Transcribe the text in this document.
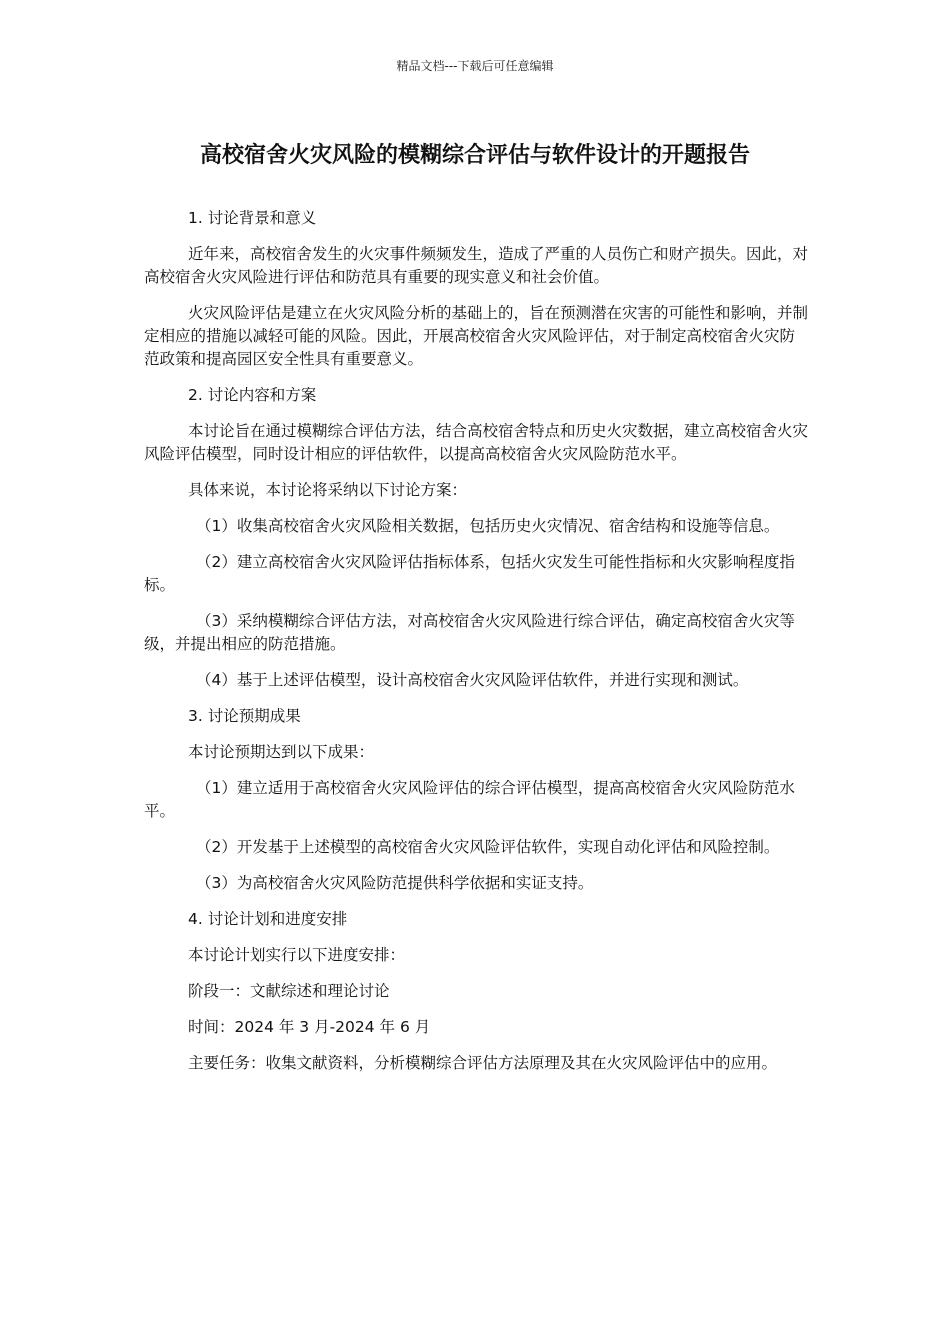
精品文档---下载后可任意编辑
高校宿舍火灾风险的模糊综合评估与软件设计的开题报告

1. 讨论背景和意义

近年来，高校宿舍发生的火灾事件频频发生，造成了严重的人员伤亡和财产损失。因此，对高校宿舍火灾风险进行评估和防范具有重要的现实意义和社会价值。

火灾风险评估是建立在火灾风险分析的基础上的，旨在预测潜在灾害的可能性和影响，并制定相应的措施以减轻可能的风险。因此，开展高校宿舍火灾风险评估，对于制定高校宿舍火灾防范政策和提高园区安全性具有重要意义。

2. 讨论内容和方案

本讨论旨在通过模糊综合评估方法，结合高校宿舍特点和历史火灾数据，建立高校宿舍火灾风险评估模型，同时设计相应的评估软件，以提高高校宿舍火灾风险防范水平。

具体来说，本讨论将采纳以下讨论方案：

（1）收集高校宿舍火灾风险相关数据，包括历史火灾情况、宿舍结构和设施等信息。

（2）建立高校宿舍火灾风险评估指标体系，包括火灾发生可能性指标和火灾影响程度指标。

（3）采纳模糊综合评估方法，对高校宿舍火灾风险进行综合评估，确定高校宿舍火灾等级，并提出相应的防范措施。

（4）基于上述评估模型，设计高校宿舍火灾风险评估软件，并进行实现和测试。

3. 讨论预期成果

本讨论预期达到以下成果：

（1）建立适用于高校宿舍火灾风险评估的综合评估模型，提高高校宿舍火灾风险防范水平。

（2）开发基于上述模型的高校宿舍火灾风险评估软件，实现自动化评估和风险控制。

（3）为高校宿舍火灾风险防范提供科学依据和实证支持。

4. 讨论计划和进度安排

本讨论计划实行以下进度安排：

阶段一：文献综述和理论讨论

时间：2024 年 3 月-2024 年 6 月

主要任务：收集文献资料，分析模糊综合评估方法原理及其在火灾风险评估中的应用。
